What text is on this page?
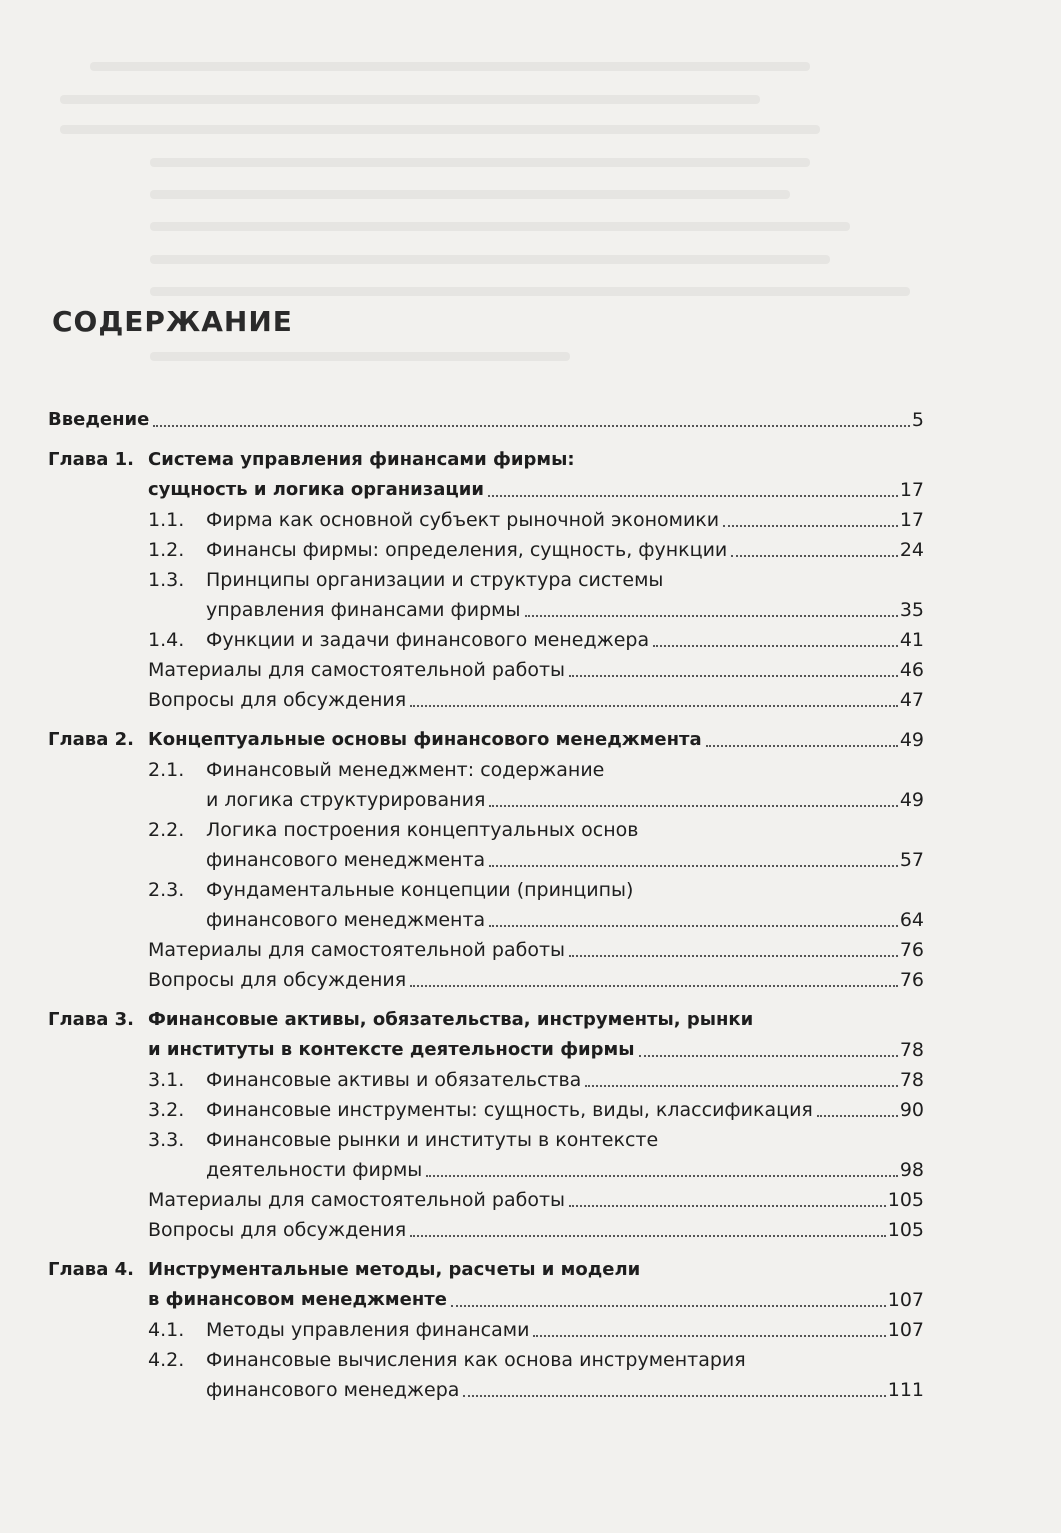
СОДЕРЖАНИЕ
Введение	5
Глава 1. Система управления финансами фирмы:
сущность и логика организации	17
1.1.	Фирма как основной субъект рыночной экономики	17
1.2.	Финансы фирмы: определения, сущность, функции	24
1.3.	Принципы организации и структура системы
управления финансами фирмы	35
1.4.	Функции и задачи финансового менеджера	41
Материалы для самостоятельной работы	46
Вопросы для обсуждения	47
Глава 2. Концептуальные основы финансового менеджмента	49
2.1.	Финансовый менеджмент: содержание
и логика структурирования	49
2.2.	Логика построения концептуальных основ
финансового менеджмента	57
2.3.	Фундаментальные концепции (принципы)
финансового менеджмента	64
Материалы для самостоятельной работы	76
Вопросы для обсуждения	76
Глава 3. Финансовые активы, обязательства, инструменты, рынки
и институты в контексте деятельности фирмы	78
3.1.	Финансовые активы и обязательства	78
3.2.	Финансовые инструменты: сущность, виды, классификация	90
3.3.	Финансовые рынки и институты в контексте
деятельности фирмы	98
Материалы для самостоятельной работы	105
Вопросы для обсуждения	105
Глава 4. Инструментальные методы, расчеты и модели
в финансовом менеджменте	107
4.1.	Методы управления финансами	107
4.2.	Финансовые вычисления как основа инструментария
финансового менеджера	111
